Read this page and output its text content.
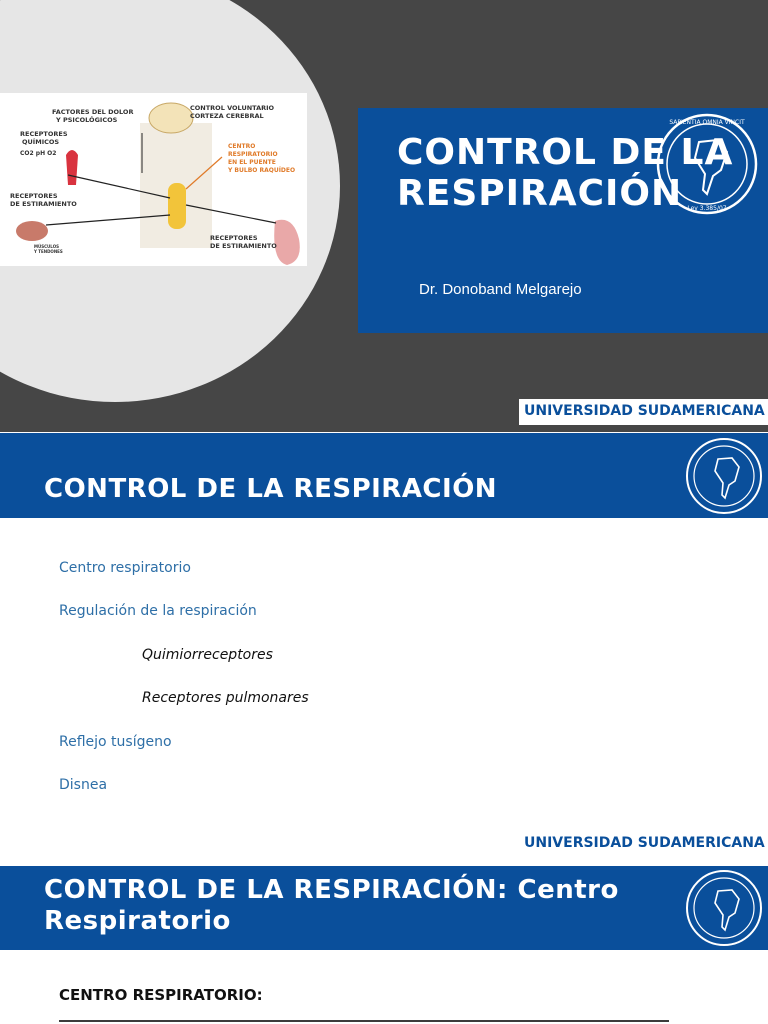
FACTORES DEL DOLOR
Y PSICOLÓGICOS
CONTROL VOLUNTARIO
CORTEZA CEREBRAL
RECEPTORES
QUÍMICOS
CO2 pH O2
RECEPTORES
DE ESTIRAMIENTO
RECEPTORES
DE ESTIRAMIENTO
MÚSCULOS
Y TENDONES
CENTRO
RESPIRATORIO
EN EL PUENTE
Y BULBO RAQUÍDEO	CONTROL DE LA RESPIRACIÓN
Dr. Donoband Melgarejo
SAPIENTIA OMNIA VINCIT
Ley 3.385/07
UNIVERSIDAD SUDAMERICANA
CONTROL DE LA RESPIRACIÓN
Centro respiratorio
Regulación de la respiración
Quimiorreceptores
Receptores pulmonares
Reflejo tusígeno
Disnea
UNIVERSIDAD SUDAMERICANA
CONTROL DE LA RESPIRACIÓN: Centro Respiratorio
CENTRO RESPIRATORIO:
